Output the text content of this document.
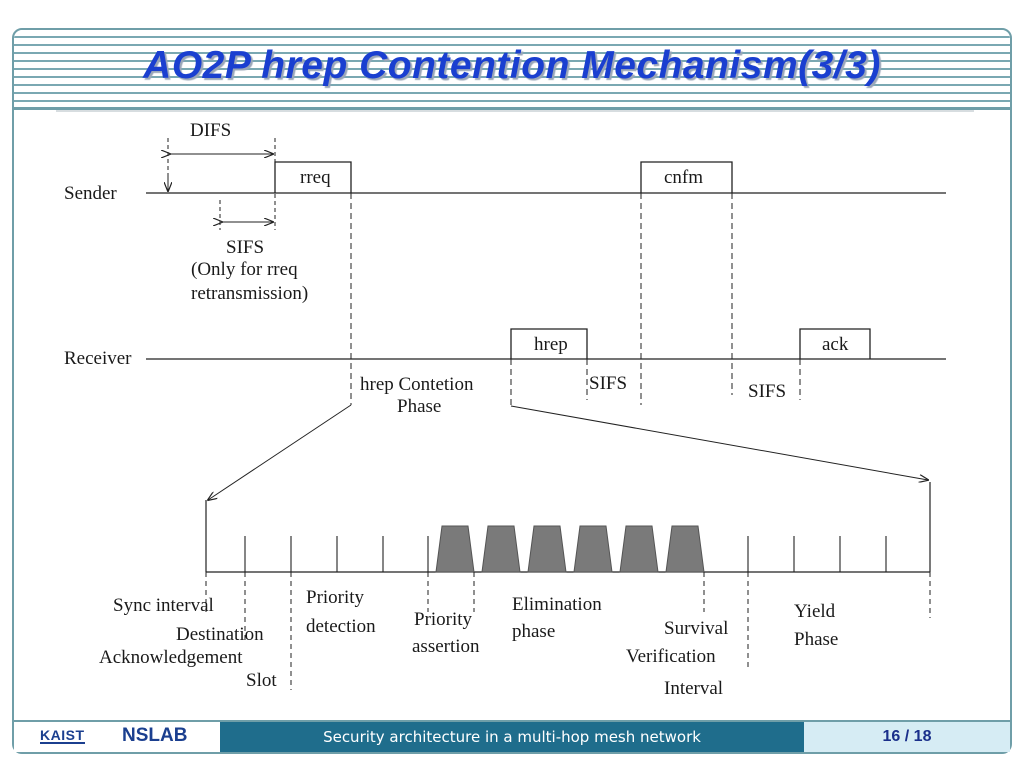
AO2P hrep Contention Mechanism(3/3)
Sender
rreq	cnfm
DIFS
SIFS
(Only for rreq
retransmission)
Receiver
hrep	ack
hrep Contetion
Phase
SIFS	SIFS
Sync interval
Destination
Acknowledgement
Slot
Priority
detection Priority
assertion
Elimination
phase	Survival
Verification
Interval
Yield
Phase
KAIST NSLAB	Security architecture in a multi-hop mesh network	16 / 18
